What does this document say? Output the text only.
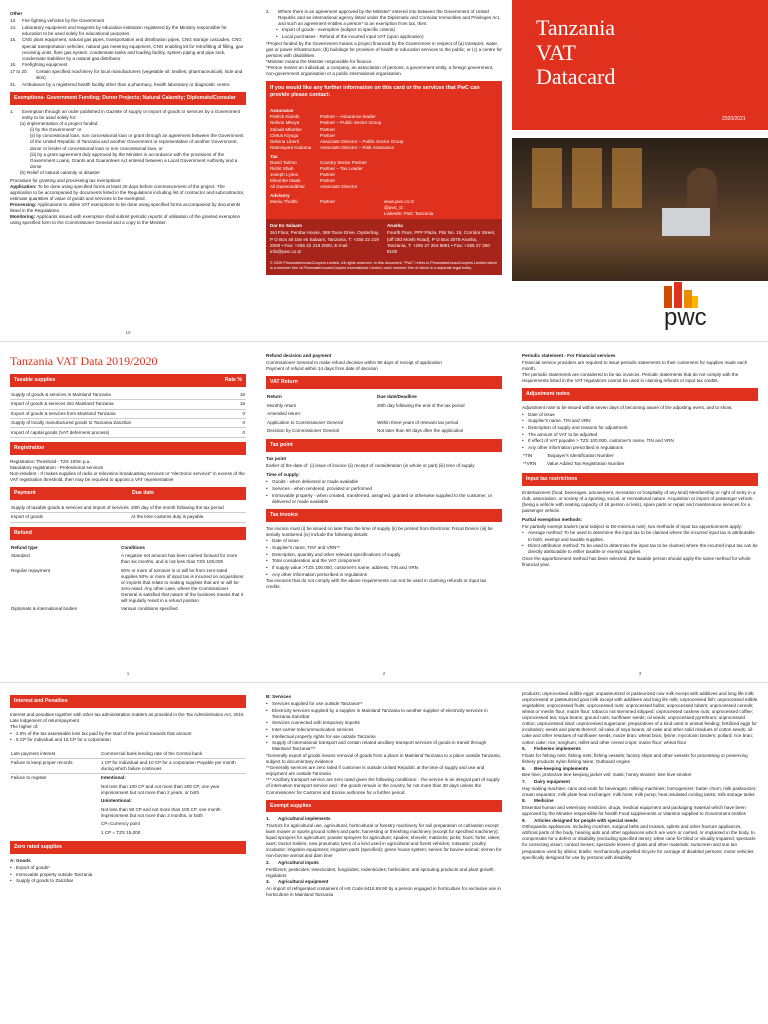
Other
13.	Fire fighting vehicles by the Government
14.	Laboratory equipment and reagents by education institution registered by the Ministry responsible for education to be used solely for educational purposes
15.	CNG plant equipment, natural gas pipes, transportation and distribution pipes, CNG storage cascades, CNG special transportation vehicles, natural gas metering equipment, CNG enabling kit for retrofitting of filling, gas receiving units, flare gas system, condensate tanks and loading facility, system piping and pipe rack, condensate stabilizer by a natural gas distributor
16.	Firefighting equipment
17 to 20.	Certain specified machinery for local manufacturers (vegetable oil; textiles; pharmaceuticals; hide and skin)
21.	Ambulance by a registered health facility other than a pharmacy, health laboratory or diagnostic centre.
Exemptions- Government Funding; Donor Projects; Natural Calamity; Diplomats/Consular
1.	Exemption through an order published in Gazette of supply or import of goods or services by a Government entity to be used solely for:
(a) implementation of a project funded
(i) by the Government" or
(ii) by concessional loan, non concessional loan or grant through an agreement between the Government of the United Republic of Tanzania and another Government or representative of another Government, donor or lender of concessional loan or non concessional loan, or
(iii) by a grant agreement duly approved by the Minister in accordance with the provisions of the Government Loans, Grants and Guarantees Act entered between a Local Government Authority and a donor
(b) Relief of natural calamity or disaster
Procedure for granting and processing tax exemptions:
Application: To be done using specified forms at least 30 days before commencement of the project. The application to be accompanied by documents listed in the Regulations including list of contractor and subcontractor, estimate quantities of value of goods and services to be exempted.
Processing: Applications to utilise VAT exemptions to be done using specified forms accompanied by documents listed in the Regulations.
Monitoring: Applicants issued with exemption shall submit periodic reports of utilisation of the granted exemption using specified form to the Commissioner General and a copy to the Minister.
10
2.	Where there is an agreement approved by the Minister* entered into between the Government of United Republic and an international agency listed under the Diplomatic and Consular Immunities and Privileges Act, and such an agreement entitles a person* to an exemption from tax, then:
• Import of goods - exemption (subject to specific criteria)
• Local purchases - Refund of the incurred input VAT (upon application)
*Project funded by the Government means a project financed by the Government in respect of (a) transport, water, gas or power infrastructure; (b) buildings for provision of health or education services to the public; or (c) a centre for persons with disabilities
*Minister means the Minister responsible for finance.
*Person means an individual, a company, an association of persons, a government entity, a foreign government, non-government organisation or a public international organisation.
If you would like any further information on this card or the services that PwC can provide please contact:
Assurance
Patrick Kiambi	Partner – Assurance leader
Nelson Mbuya	Partner – Public Sector Group
Zainab Mlambe	Partner
Cletus Kiyuga	Partner
Delvina Liberti	Associate Director – Public Sector Group
Nsemayani Kaduma	Associate Director – Risk Assurance
Tax
David Tarimo	Country Senior Partner
Rishit Shah	Partner – Tax Leader
Joseph Lyimo	Partner
Mirumbe Maati	Partner
Ali Daewoodbhai	Associate Director
Advisory
Muniu Thoithi	Partner	www.pwc.co.tz
@pwc_tz
LinkedIn: PwC Tanzania
Dar Es Salaam
3rd Floor, Pemba House, 369 Toure Drive, Oysterbay, P O Box 45 Dar es Salaam, Tanzania, T: +255 22 219 2000 • Fax: +255 22 219 2000, E-mail: info@pwc.co.tz
Arusha
Fourth Floor, PPF Plaza, Plot No. 15, Corridor Street, (off Old Moshi Road), P O Box 3078 Arusha, Tanzania, T: +255 27 254 8881 • Fax: +255 27 250 8100
© 2020 PricewaterhouseCoopers Limited. All rights reserved. In this document, "PwC" refers to PricewaterhouseCoopers Limited which is a member firm of PricewaterhouseCoopers International Limited, each member firm of which is a separate legal entity.
Tanzania
VAT
Datacard
2020/2021
pwc
Tanzania VAT Data 2019/2020
Taxable supplies	Rate %
Supply of goods & services in Mainland Tanzania	18
Import of goods & services into Mainland Tanzania	18
Export of goods & services from Mainland Tanzania	0
Supply of locally manufactured goods to Tanzania Zanzibar	0
Import of capital goods (VAT deferment process)	0
Registration
Registration Threshold - TZS 100m p.a.
Mandatory registration - Professional services
Non-resident - If makes supplies of radio or television broadcasting services or "electronic services" in excess of the VAT registration threshold, then may be required to appoint a VAT representative
Payment	Due date
Supply of taxable goods & services and import of services	20th day of the month following the tax period
Import of goods	At the time customs duty is payable.
Refund
Refund type	Conditions
Standard	A negative net amount has been carried forward for more than six months, and is not less than TZS 100,000
Regular repayment	50% or more of turnover is or will be from zero-rated supplies 50% or more of input tax is incurred on acquisitions or imports that relate to making supplies that are or will be zero-rated. Any other case, where the Commissioner General is satisfied that nature of the business means that it will regularly result in a refund position
Diplomats & international bodies	Various conditions specified
1
Refund decision and payment
Commissioner General to make refund decision within 90 days of receipt of application
Payment of refund within 14 days from date of decision
VAT Return
Return	Due date/Deadline
Monthly return	20th day following the end of the tax period
Amended return:	
Application to Commissioner General	Within three years of relevant tax period
Decision by Commissioner General	Not later than 90 days after the application
Tax point
Tax point
Earlier of the date of: (i) issue of invoice (ii) receipt of consideration (in whole or part) (iii) time of supply
Time of supply:
• Goods - when delivered or made available
• Services - when rendered, provided or performed
• Immovable property - when created, transferred, assigned, granted or otherwise supplied to the customer, or delivered or made available
Tax invoice
Tax invoice must (i) be issued no later than the time of supply (ii) be printed from Electronic Fiscal Device (iii) be serially numbered (iv) include the following details:
• Date of issue
• Supplier's name, TIN* and VRN**
• Description, quantity and other relevant specifications of supply
• Total consideration and the VAT component
• If supply value >TZS 100,000, customer's name, address, TIN and VRN
• Any other information prescribed in regulations
Tax invoices that do not comply with the above requirements can not be used in claiming refunds or input tax credits.
2
Periodic statement - For Financial services
Financial service providers are required to issue periodic statements to their customers for supplies made each month.
The periodic statements are considered to be tax invoices. Periodic statements that do not comply with the requirements listed in the VAT regulations cannot be used in claiming refunds or input tax credits.
Adjustment notes
Adjustment note to be issued within seven days of becoming aware of the adjusting event, and to show:
• Date of issue
• Supplier's name, TIN and VRN
• Description of supply and reasons for adjustment
• The amount of VAT to be adjusted
• If effect of VAT payable > TZS 100,000, customer's name, TIN and VRN
• Any other information prescribed in regulations
*TIN	Taxpayer's Identification Number
**VRN	Value Added Tax Registration Number
Input tax restrictions
Entertainment (food, beverages, amusement, recreation or hospitality of any kind) Membership or right of entry in a club, association, or society of a sporting, social, or recreational nature. Acquisition or import of passenger vehicle (being a vehicle with seating capacity of 16 person or less), spare parts or repair and maintenance services for a passenger vehicle.
Partial exemption methods:
For partially exempt traders (and subject to De-minimus rule), two methods of input tax apportionment apply:
• Average method: To be used to determine the input tax to be claimed where the incurred input tax is attributable to both, exempt and taxable supplies.
• Direct attribution method: To be used to determine the input tax to be claimed where the incurred input tax can be directly attributable to either taxable or exempt supplies.
Once the apportionment method has been selected, the taxable person should apply the same method for whole financial year.
3
Interest and Penalties
Interest and penalties together with other tax administration matters as provided in the Tax Administration Act, 2015
Late lodgement of return/payment
The higher of:
• 2.5% of the tax assessable less tax paid by the start of the period towards that amount
• 5 CP for individual and 15 CP for a corporation
Late payment interest	Commercial bank lending rate of the Central bank
Failure to keep proper records	1 CP for individual and 10 CP for a corporation Payable per month during which failure continues
Failure to register	Intentional:
	Not less than 100 CP and not more than 200 CP, one year imprisonment but not more than 2 years, or both
	Unintentional:
	Not less than 50 CP and not more than 100 CP, one month imprisonment but not more than 3 months, or both
	CP=Currency point
	1 CP = TZS 15,000
Zero rated supplies
A: Goods
• Export of goods*
• Immovable property outside Tanzania
• Supply of goods to Zanzibar
B: Services
• Services supplied for use outside Tanzania**
• Electricity services supplied by a supplier in Mainland Tanzania to another supplier of electricity services in Tanzania Zanzibar
• Services connected with temporary imports
• Inter-carrier telecommunication services
• Intellectual property rights for use outside Tanzania
• Supply of international transport and certain related ancillary transport services of goods in transit through Mainland Tanzania***
*Generally export of goods means removal of goods from a place in Mainland Tanzania to a place outside Tanzania, subject to documentary evidence
**Generally services are zero rated if customer is outside United Republic at the time of supply and use and enjoyment are outside Tanzania
*** Ancillary transport service are zero rated given the following conditions: - the service is an integral part of supply of internation transport service and - the goods remain in the country for not more than 30 days unless the Commissioner for Customs and Excise authorise for a further period.
Exempt supplies
1.	Agricultural implements
Tractors for agricultural use, agricultural, horticultural or forestry machinery for soil preparation or cultivation except lawn mower or sports ground rollers and parts; harvesting or threshing machinery (except for specified machinery); liquid sprayers for agriculture; powder sprayers for agriculture; spades; shovels; mattocks; picks; hoes; forks; rakes; axes; tractor trailers; new pneumatic tyres of a kind used in agricultural and forest vehicles; rotavator; poultry incubator; irrigation equipment; irrigation parts (specified); green house system; semen for bovine animal; semen for non-bovine animal and dam liner
2.	Agricultural inputs
Fertilizers; pesticides; insecticides; fungicides; rodenticides; herbicides; anti sprouting products and plant growth regulators
3.	Agricultural equipment
An import of refrigerated containers of HS Code 8418.69.90 by a person engaged in horticulture for exclusive use in horticulture in Mainland Tanzania
products; unprocessed edible eggs; unpasteurized or pasteurized cow milk except with additives and long life milk; unprocessed or pasteurized goat milk except with additives and long life milk; unprocessed fish; unprocessed edible vegetables; unprocessed fruits; unprocessed nuts; unprocessed bulbs; unprocessed tubers; unprocessed cereals; wheat or meslin flour; maize flour; tobacco not stemmed stripped; unprocessed cashew nuts; unprocessed coffee; unprocessed tea; soya beans; ground nuts; sunflower seeds; oil seeds; unprocessed pyrethrum; unprocessed cotton; unprocessed sisal; unprocessed sugarcane; preparations of a kind used in animal feeding; fertilized eggs for incubation; seeds and plants thereof; oil-cake of soya beans; oil-cake and other solid residues of cotton seeds; oil-cake and other residues of sunflower seeds; maize bran; wheat bran; lysine; mycotoxin binders; pollard; rice bran; cotton cake; rice; sorghum; millet and other cereal crops; maize flour; wheat flour
5.	Fisheries implements
Floats for fishing nets; fishing nets; fishing vessels; factory ships and other vessels for processing or preserving fishery products nylon fishing twine; Outboard engine
6.	Bee-keeping implements
Bee hive; protective bee keeping jacket veil; mask; honey strainer; bee hive smoker
7.	Dairy equipment
Hay making machine; cans and ends for beverages; milking machines; homogenizer; butter churn; milk pasteurizer; cream separator; milk plate heat exchanger; milk hose; milk pump; heat insulated cooling tanks; milk storage tanks
8.	Medicine
Essential human and veterinary medicine, drugs, medical equipment and packaging material which have been approved by the Minister responsible for health Food supplements or vitamins supplied to Government entities
9.	Articles designed for people with special needs
Orthopaedic appliances, including crutches, surgical belts and trusses, splints and other fracture appliances, artificial parts of the body, hearing aids and other appliances which are worn or carried, or implanted in the body, to compensate for a defect or disability (excluding specified items); white cane for blind or visually impaired; spectacle for correcting vision; contact lenses; spectacle lenses of glass and other materials; sunscreen and sun tan preparation used by albino; braille; mechanically propelled tricycle for carriage of disabled persons; motor vehicles specifically designed for use by persons with disability
